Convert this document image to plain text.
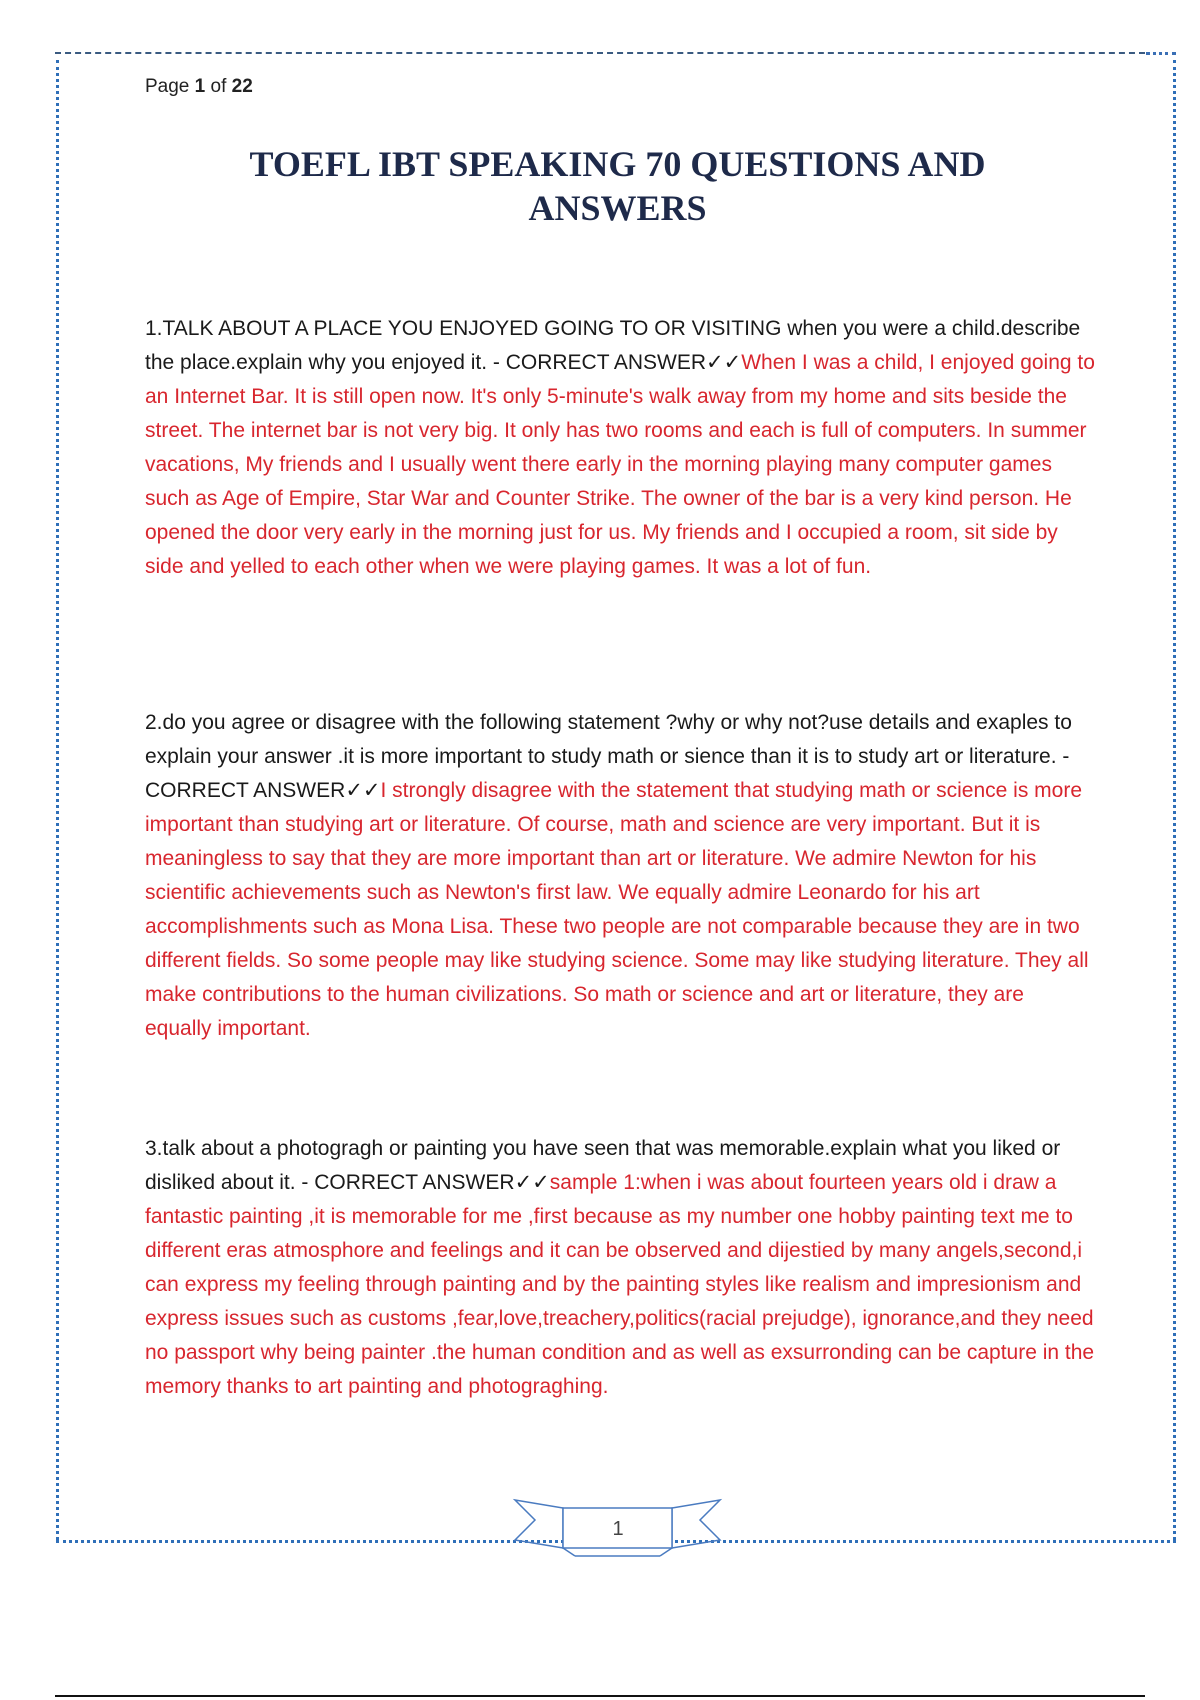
Page 1 of 22
TOEFL IBT SPEAKING 70 QUESTIONS AND
ANSWERS
1.TALK ABOUT A PLACE YOU ENJOYED GOING TO OR VISITING when you were a child.describe the place.explain why you enjoyed it. - CORRECT ANSWER✓✓When I was a child, I enjoyed going to an Internet Bar. It is still open now. It's only 5-minute's walk away from my home and sits beside the street. The internet bar is not very big. It only has two rooms and each is full of computers. In summer vacations, My friends and I usually went there early in the morning playing many computer games such as Age of Empire, Star War and Counter Strike. The owner of the bar is a very kind person. He opened the door very early in the morning just for us. My friends and I occupied a room, sit side by side and yelled to each other when we were playing games. It was a lot of fun.
2.do you agree or disagree with the following statement ?why or why not?use details and exaples to explain your answer .it is more important to study math or sience than it is to study art or literature. - CORRECT ANSWER✓✓I strongly disagree with the statement that studying math or science is more important than studying art or literature. Of course, math and science are very important. But it is meaningless to say that they are more important than art or literature. We admire Newton for his scientific achievements such as Newton's first law. We equally admire Leonardo for his art accomplishments such as Mona Lisa. These two people are not comparable because they are in two different fields. So some people may like studying science. Some may like studying literature. They all make contributions to the human civilizations. So math or science and art or literature, they are equally important.
3.talk about a photogragh or painting you have seen that was memorable.explain what you liked or disliked about it. - CORRECT ANSWER✓✓sample 1:when i was about fourteen years old i draw a fantastic painting ,it is memorable for me ,first because as my number one hobby painting text me to different eras atmosphore and feelings and it can be observed and dijestied by many angels,second,i can express my feeling through painting and by the painting styles like realism and impresionism and express issues such as customs ,fear,love,treachery,politics(racial prejudge), ignorance,and they need no passport why being painter .the human condition and as well as exsurronding can be capture in the memory thanks to art painting and photograghing.
1
